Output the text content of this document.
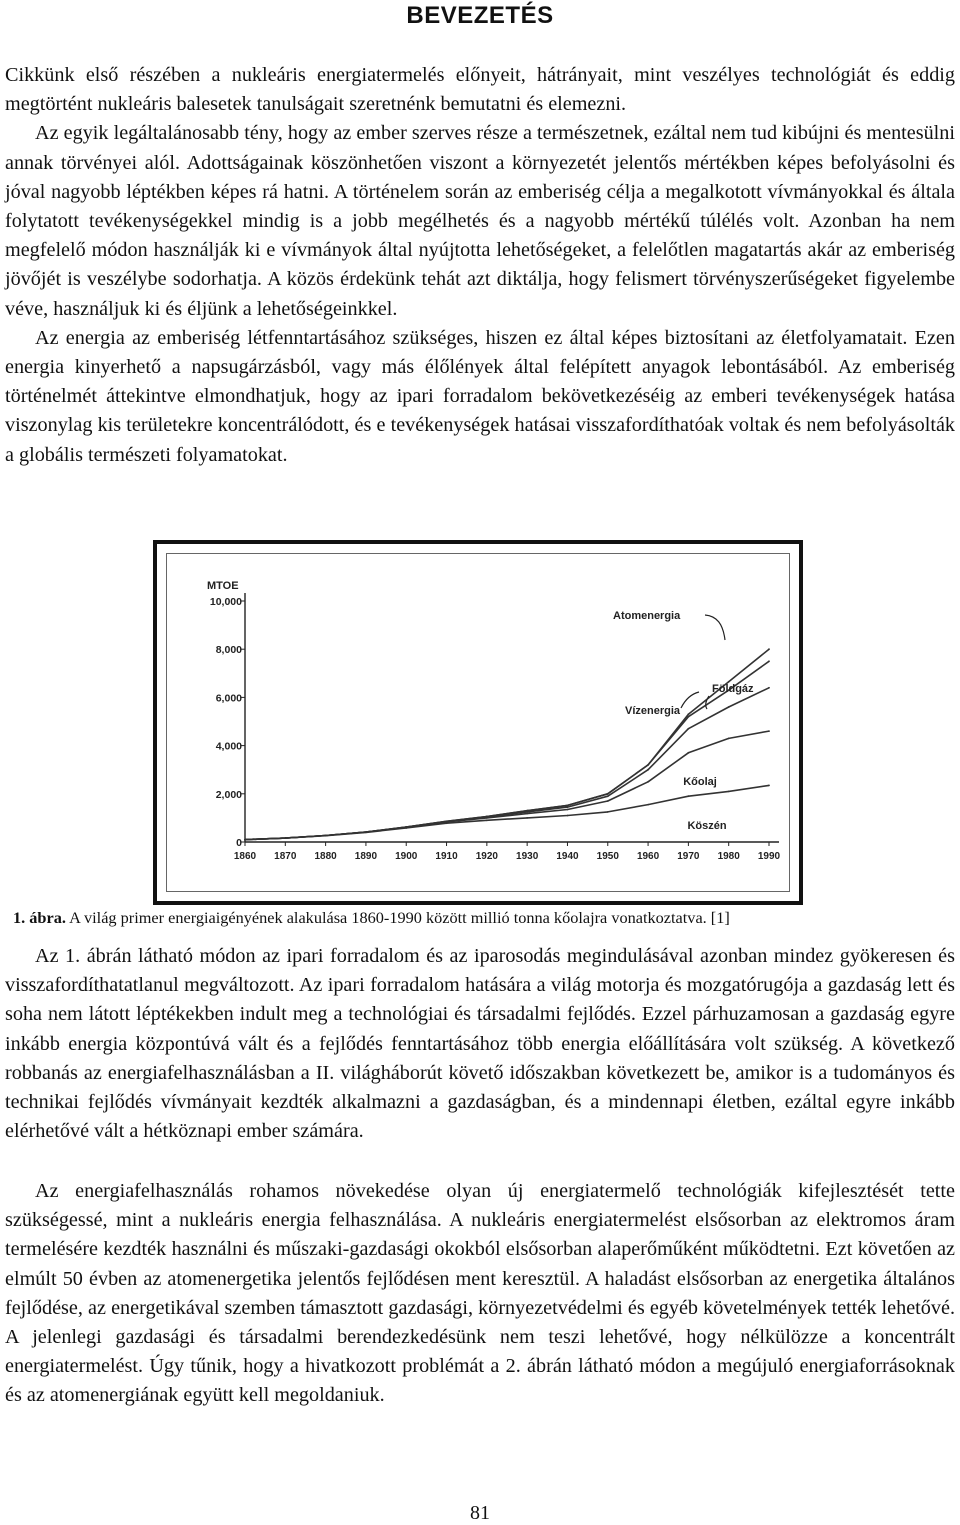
BEVEZETÉS
Cikkünk első részében a nukleáris energiatermelés előnyeit, hátrányait, mint veszélyes technológiát és eddig megtörtént nukleáris balesetek tanulságait szeretnénk bemutatni és elemezni.

Az egyik legáltalánosabb tény, hogy az ember szerves része a természetnek, ezáltal nem tud kibújni és mentesülni annak törvényei alól. Adottságainak köszönhetően viszont a környezetét jelentős mértékben képes befolyásolni és jóval nagyobb léptékben képes rá hatni. A történelem során az emberiség célja a megalkotott vívmányokkal és általa folytatott tevékenységekkel mindig is a jobb megélhetés és a nagyobb mértékű túlélés volt. Azonban ha nem megfelelő módon használják ki e vívmányok által nyújtotta lehetőségeket, a felelőtlen magatartás akár az emberiség jövőjét is veszélybe sodorhatja. A közös érdekünk tehát azt diktálja, hogy felismert törvényszerűségeket figyelembe véve, használjuk ki és éljünk a lehetőségeinkkel.
Az energia az emberiség létfenntartásához szükséges, hiszen ez által képes biztosítani az életfolyamatait. Ezen energia kinyerhető a napsugárzásból, vagy más élőlények által felépített anyagok lebontásából. Az emberiség történelmét áttekintve elmondhatjuk, hogy az ipari forradalom bekövetkezéséig az emberi tevékenységek hatása viszonylag kis területekre koncentrálódott, és e tevékenységek hatásai visszafordíthatóak voltak és nem befolyásolták a globális természeti folyamatokat.
MTOE
0
2,000
4,000
6,000
8,000
10,000
1860 1870 1880 1890 1900 1910 1920 1930 1940 1950 1960 1970 1980 1990
Köszén
Kőolaj
Földgáz
Vízenergia
Atomenergia
1. ábra. A világ primer energiaigényének alakulása 1860-1990 között millió tonna kőolajra vonatkoztatva. [1]
Az 1. ábrán látható módon az ipari forradalom és az iparosodás megindulásával azonban mindez gyökeresen és visszafordíthatatlanul megváltozott. Az ipari forradalom hatására a világ motorja és mozgatórugója a gazdaság lett és soha nem látott léptékekben indult meg a technológiai és társadalmi fejlődés. Ezzel párhuzamosan a gazdaság egyre inkább energia központúvá vált és a fejlődés fenntartásához több energia előállítására volt szükség. A következő robbanás az energiafelhasználásban a II. világháborút követő időszakban következett be, amikor is a tudományos és technikai fejlődés vívmányait kezdték alkalmazni a gazdaságban, és a mindennapi életben, ezáltal egyre inkább elérhetővé vált a hétköznapi ember számára.
Az energiafelhasználás rohamos növekedése olyan új energiatermelő technológiák kifejlesztését tette szükségessé, mint a nukleáris energia felhasználása. A nukleáris energiatermelést elsősorban az elektromos áram termelésére kezdték használni és műszaki-gazdasági okokból elsősorban alaperőműként működtetni. Ezt követően az elmúlt 50 évben az atomenergetika jelentős fejlődésen ment keresztül. A haladást elsősorban az energetika általános fejlődése, az energetikával szemben támasztott gazdasági, környezetvédelmi és egyéb követelmények tették lehetővé. A jelenlegi gazdasági és társadalmi berendezkedésünk nem teszi lehetővé, hogy nélkülözze a koncentrált energiatermelést. Úgy tűnik, hogy a hivatkozott problémát a 2. ábrán látható módon a megújuló energiaforrásoknak és az atomenergiának együtt kell megoldaniuk.
81
